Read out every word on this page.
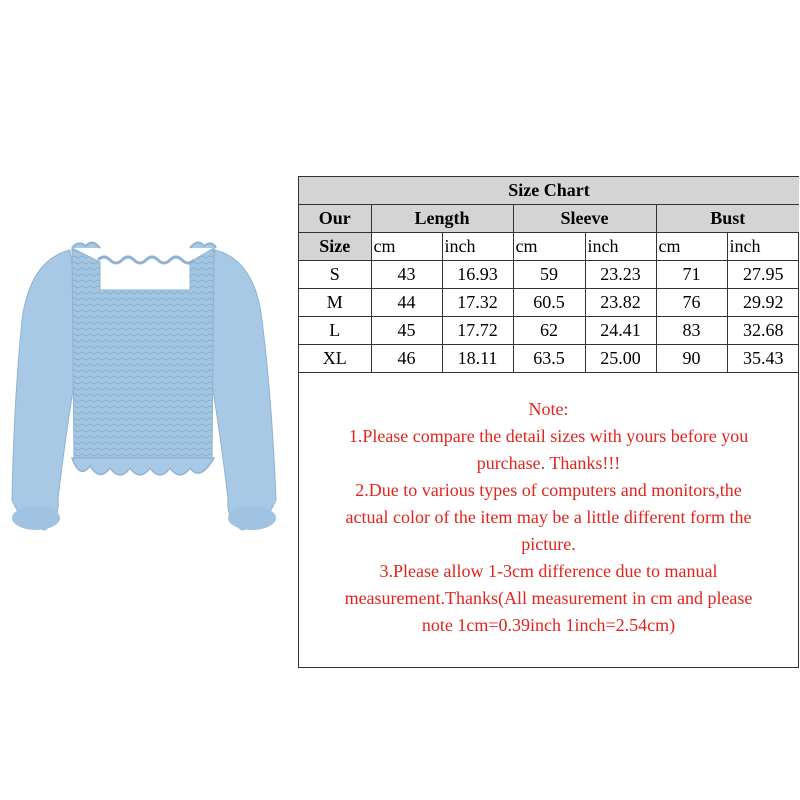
Size Chart						
Our	Length		Sleeve		Bust	
Size	cm	inch	cm	inch	cm	inch
S	43	16.93	59	23.23	71	27.95
M	44	17.32	60.5	23.82	76	29.92
L	45	17.72	62	24.41	83	32.68
XL	46	18.11	63.5	25.00	90	35.43
Note:
1.Please compare the detail sizes with yours before you
purchase. Thanks!!!
2.Due to various types of computers and monitors,the
actual color of the item may be a little different form the
picture.
3.Please allow 1-3cm difference due to manual
measurement.Thanks(All measurement in cm and please
note 1cm=0.39inch 1inch=2.54cm)
